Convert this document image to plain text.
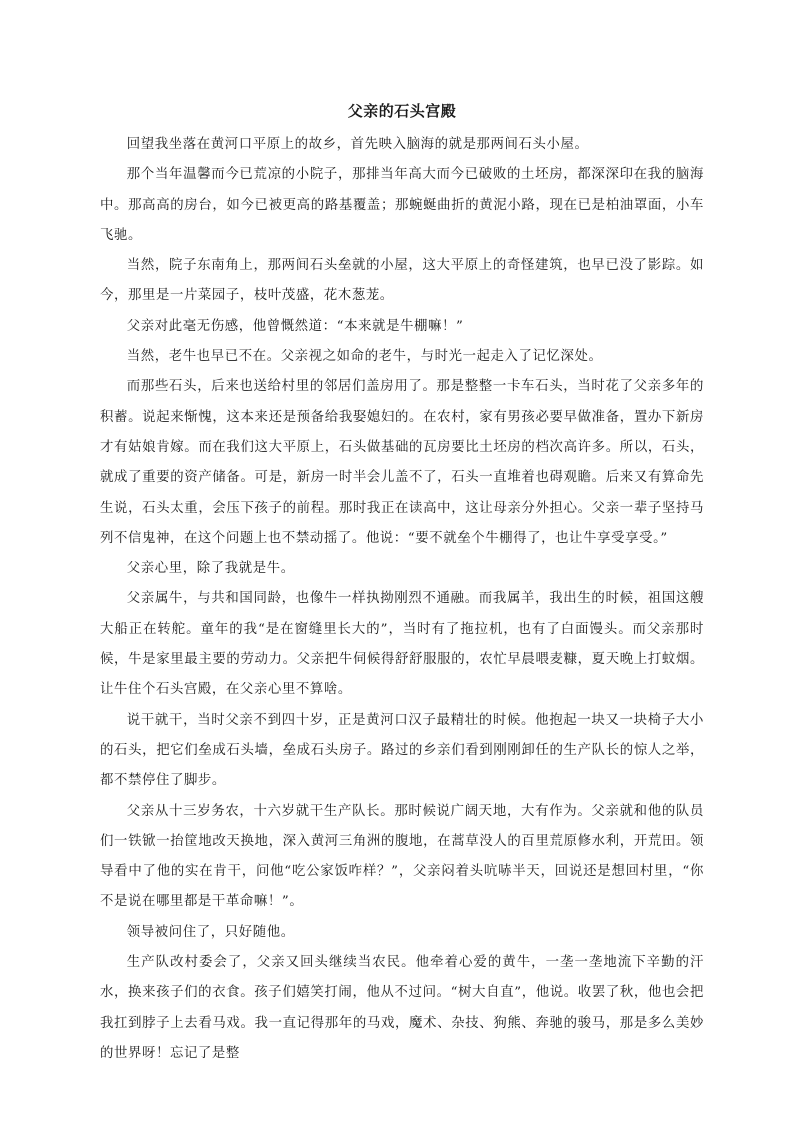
父亲的石头宫殿

回望我坐落在黄河口平原上的故乡，首先映入脑海的就是那两间石头小屋。

那个当年温馨而今已荒凉的小院子，那排当年高大而今已破败的土坯房，都深深印在我的脑海中。那高高的房台，如今已被更高的路基覆盖；那蜿蜒曲折的黄泥小路，现在已是柏油罩面，小车飞驰。

当然，院子东南角上，那两间石头垒就的小屋，这大平原上的奇怪建筑，也早已没了影踪。如今，那里是一片菜园子，枝叶茂盛，花木葱茏。

父亲对此毫无伤感，他曾慨然道：“本来就是牛棚嘛！”

当然，老牛也早已不在。父亲视之如命的老牛，与时光一起走入了记忆深处。

而那些石头，后来也送给村里的邻居们盖房用了。那是整整一卡车石头，当时花了父亲多年的积蓄。说起来惭愧，这本来还是预备给我娶媳妇的。在农村，家有男孩必要早做准备，置办下新房才有姑娘肯嫁。而在我们这大平原上，石头做基础的瓦房要比土坯房的档次高许多。所以，石头，就成了重要的资产储备。可是，新房一时半会儿盖不了，石头一直堆着也碍观瞻。后来又有算命先生说，石头太重，会压下孩子的前程。那时我正在读高中，这让母亲分外担心。父亲一辈子坚持马列不信鬼神，在这个问题上也不禁动摇了。他说：“要不就垒个牛棚得了，也让牛享受享受。”

父亲心里，除了我就是牛。

父亲属牛，与共和国同龄，也像牛一样执拗刚烈不通融。而我属羊，我出生的时候，祖国这艘大船正在转舵。童年的我“是在窗缝里长大的”，当时有了拖拉机，也有了白面馒头。而父亲那时候，牛是家里最主要的劳动力。父亲把牛伺候得舒舒服服的，农忙早晨喂麦糠，夏天晚上打蚊烟。让牛住个石头宫殿，在父亲心里不算啥。

说干就干，当时父亲不到四十岁，正是黄河口汉子最精壮的时候。他抱起一块又一块椅子大小的石头，把它们垒成石头墙，垒成石头房子。路过的乡亲们看到刚刚卸任的生产队长的惊人之举，都不禁停住了脚步。

父亲从十三岁务农，十六岁就干生产队长。那时候说广阔天地，大有作为。父亲就和他的队员们一铁锨一抬筐地改天换地，深入黄河三角洲的腹地，在蒿草没人的百里荒原修水利，开荒田。领导看中了他的实在肯干，问他“吃公家饭咋样？”，父亲闷着头吭哧半天，回说还是想回村里，“你不是说在哪里都是干革命嘛！”。

领导被问住了，只好随他。

生产队改村委会了，父亲又回头继续当农民。他牵着心爱的黄牛，一垄一垄地流下辛勤的汗水，换来孩子们的衣食。孩子们嬉笑打闹，他从不过问。“树大自直”，他说。收罢了秋，他也会把我扛到脖子上去看马戏。我一直记得那年的马戏，魔术、杂技、狗熊、奔驰的骏马，那是多么美妙的世界呀！忘记了是整
